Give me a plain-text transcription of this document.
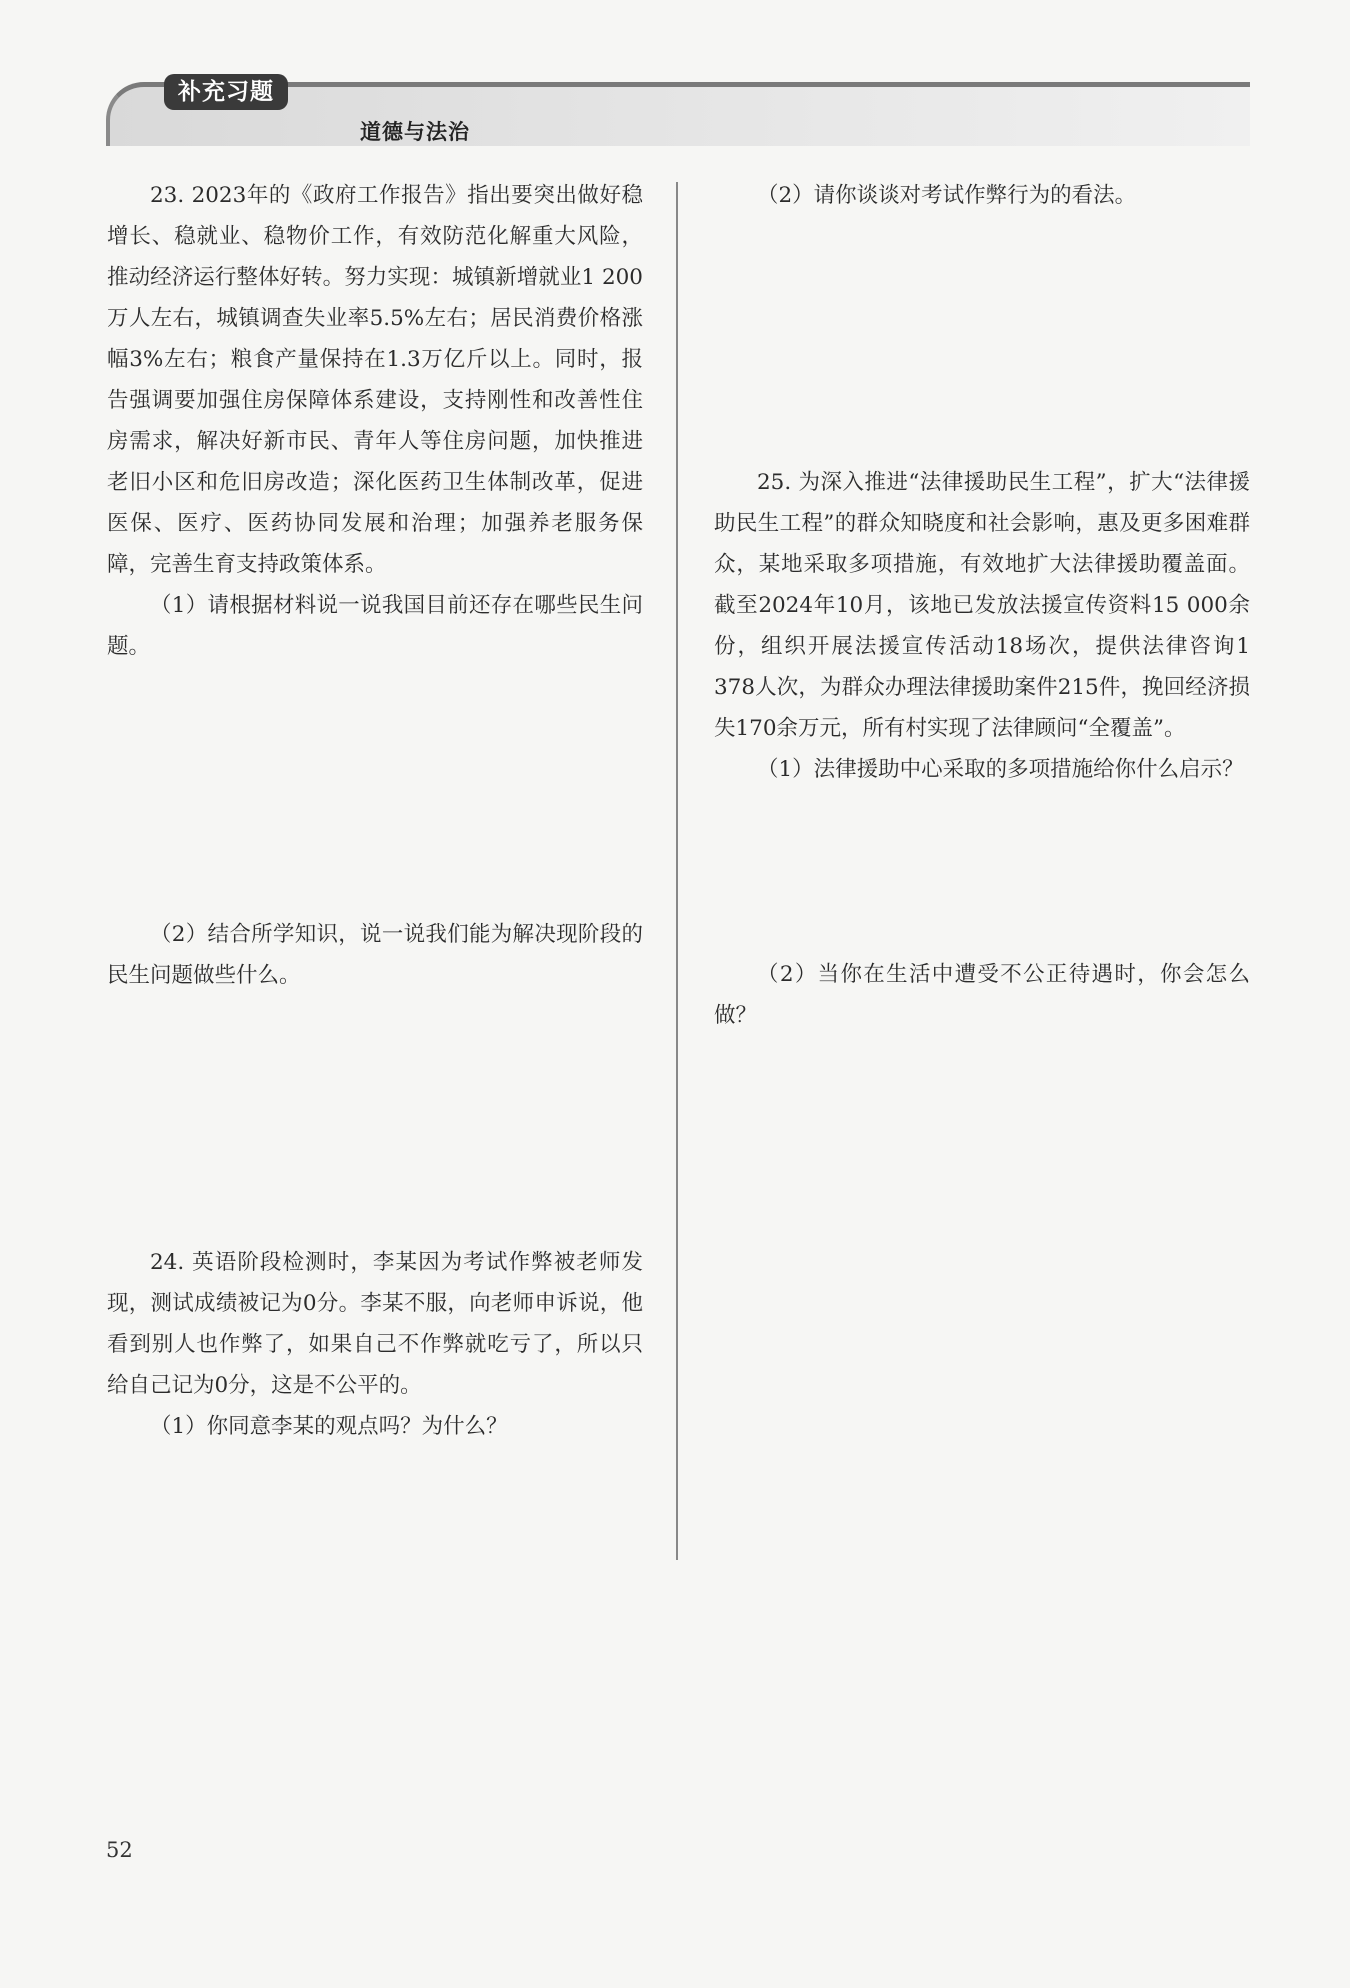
补充习题
道德与法治

23. 2023年的《政府工作报告》指出要突出做好稳增长、稳就业、稳物价工作，有效防范化解重大风险，推动经济运行整体好转。努力实现：城镇新增就业1 200万人左右，城镇调查失业率5.5%左右；居民消费价格涨幅3%左右；粮食产量保持在1.3万亿斤以上。同时，报告强调要加强住房保障体系建设，支持刚性和改善性住房需求，解决好新市民、青年人等住房问题，加快推进老旧小区和危旧房改造；深化医药卫生体制改革，促进医保、医疗、医药协同发展和治理；加强养老服务保障，完善生育支持政策体系。

（1）请根据材料说一说我国目前还存在哪些民生问题。

（2）结合所学知识，说一说我们能为解决现阶段的民生问题做些什么。

24. 英语阶段检测时，李某因为考试作弊被老师发现，测试成绩被记为0分。李某不服，向老师申诉说，他看到别人也作弊了，如果自己不作弊就吃亏了，所以只给自己记为0分，这是不公平的。

（1）你同意李某的观点吗？为什么？

（2）请你谈谈对考试作弊行为的看法。

25. 为深入推进“法律援助民生工程”，扩大“法律援助民生工程”的群众知晓度和社会影响，惠及更多困难群众，某地采取多项措施，有效地扩大法律援助覆盖面。截至2024年10月，该地已发放法援宣传资料15 000余份，组织开展法援宣传活动18场次，提供法律咨询1 378人次，为群众办理法律援助案件215件，挽回经济损失170余万元，所有村实现了法律顾问“全覆盖”。

（1）法律援助中心采取的多项措施给你什么启示？

（2）当你在生活中遭受不公正待遇时，你会怎么做？

52
